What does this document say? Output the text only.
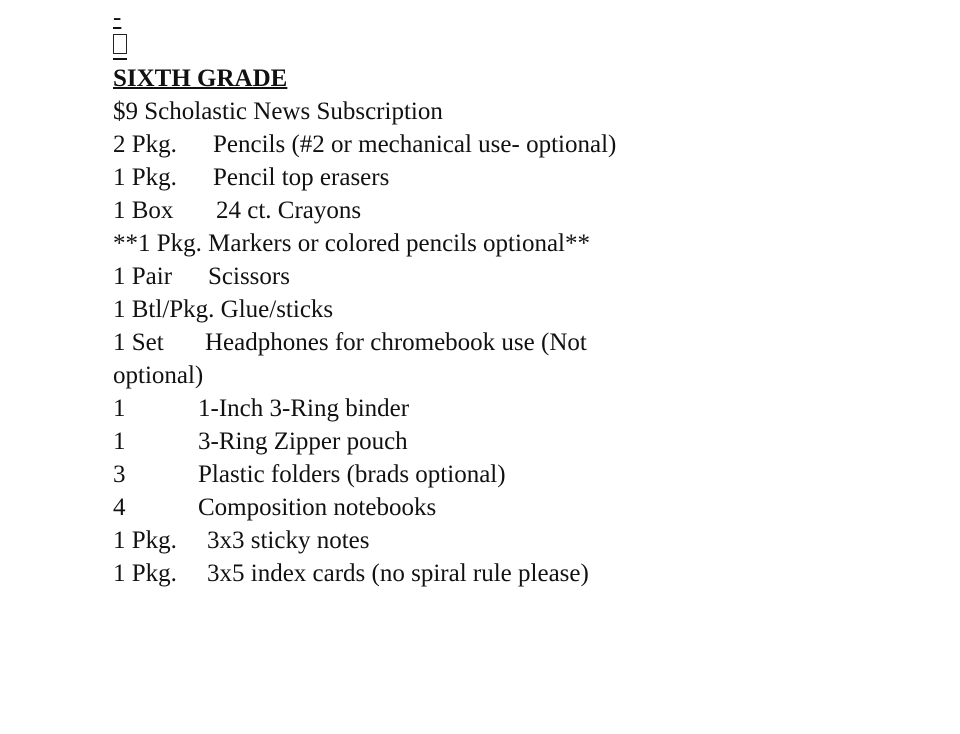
-
SIXTH GRADE
$9 Scholastic News Subscription
2 Pkg. Pencils (#2 or mechanical use- optional)
1 Pkg. Pencil top erasers
1 Box 24 ct. Crayons
**1 Pkg. Markers or colored pencils optional**
1 Pair Scissors
1 Btl/Pkg. Glue/sticks
1 Set Headphones for chromebook use (Not optional)
1	1-Inch 3-Ring binder
1	3-Ring Zipper pouch
3	Plastic folders (brads optional)
4	Composition notebooks
1 Pkg. 3x3 sticky notes
1 Pkg. 3x5 index cards (no spiral rule please)
